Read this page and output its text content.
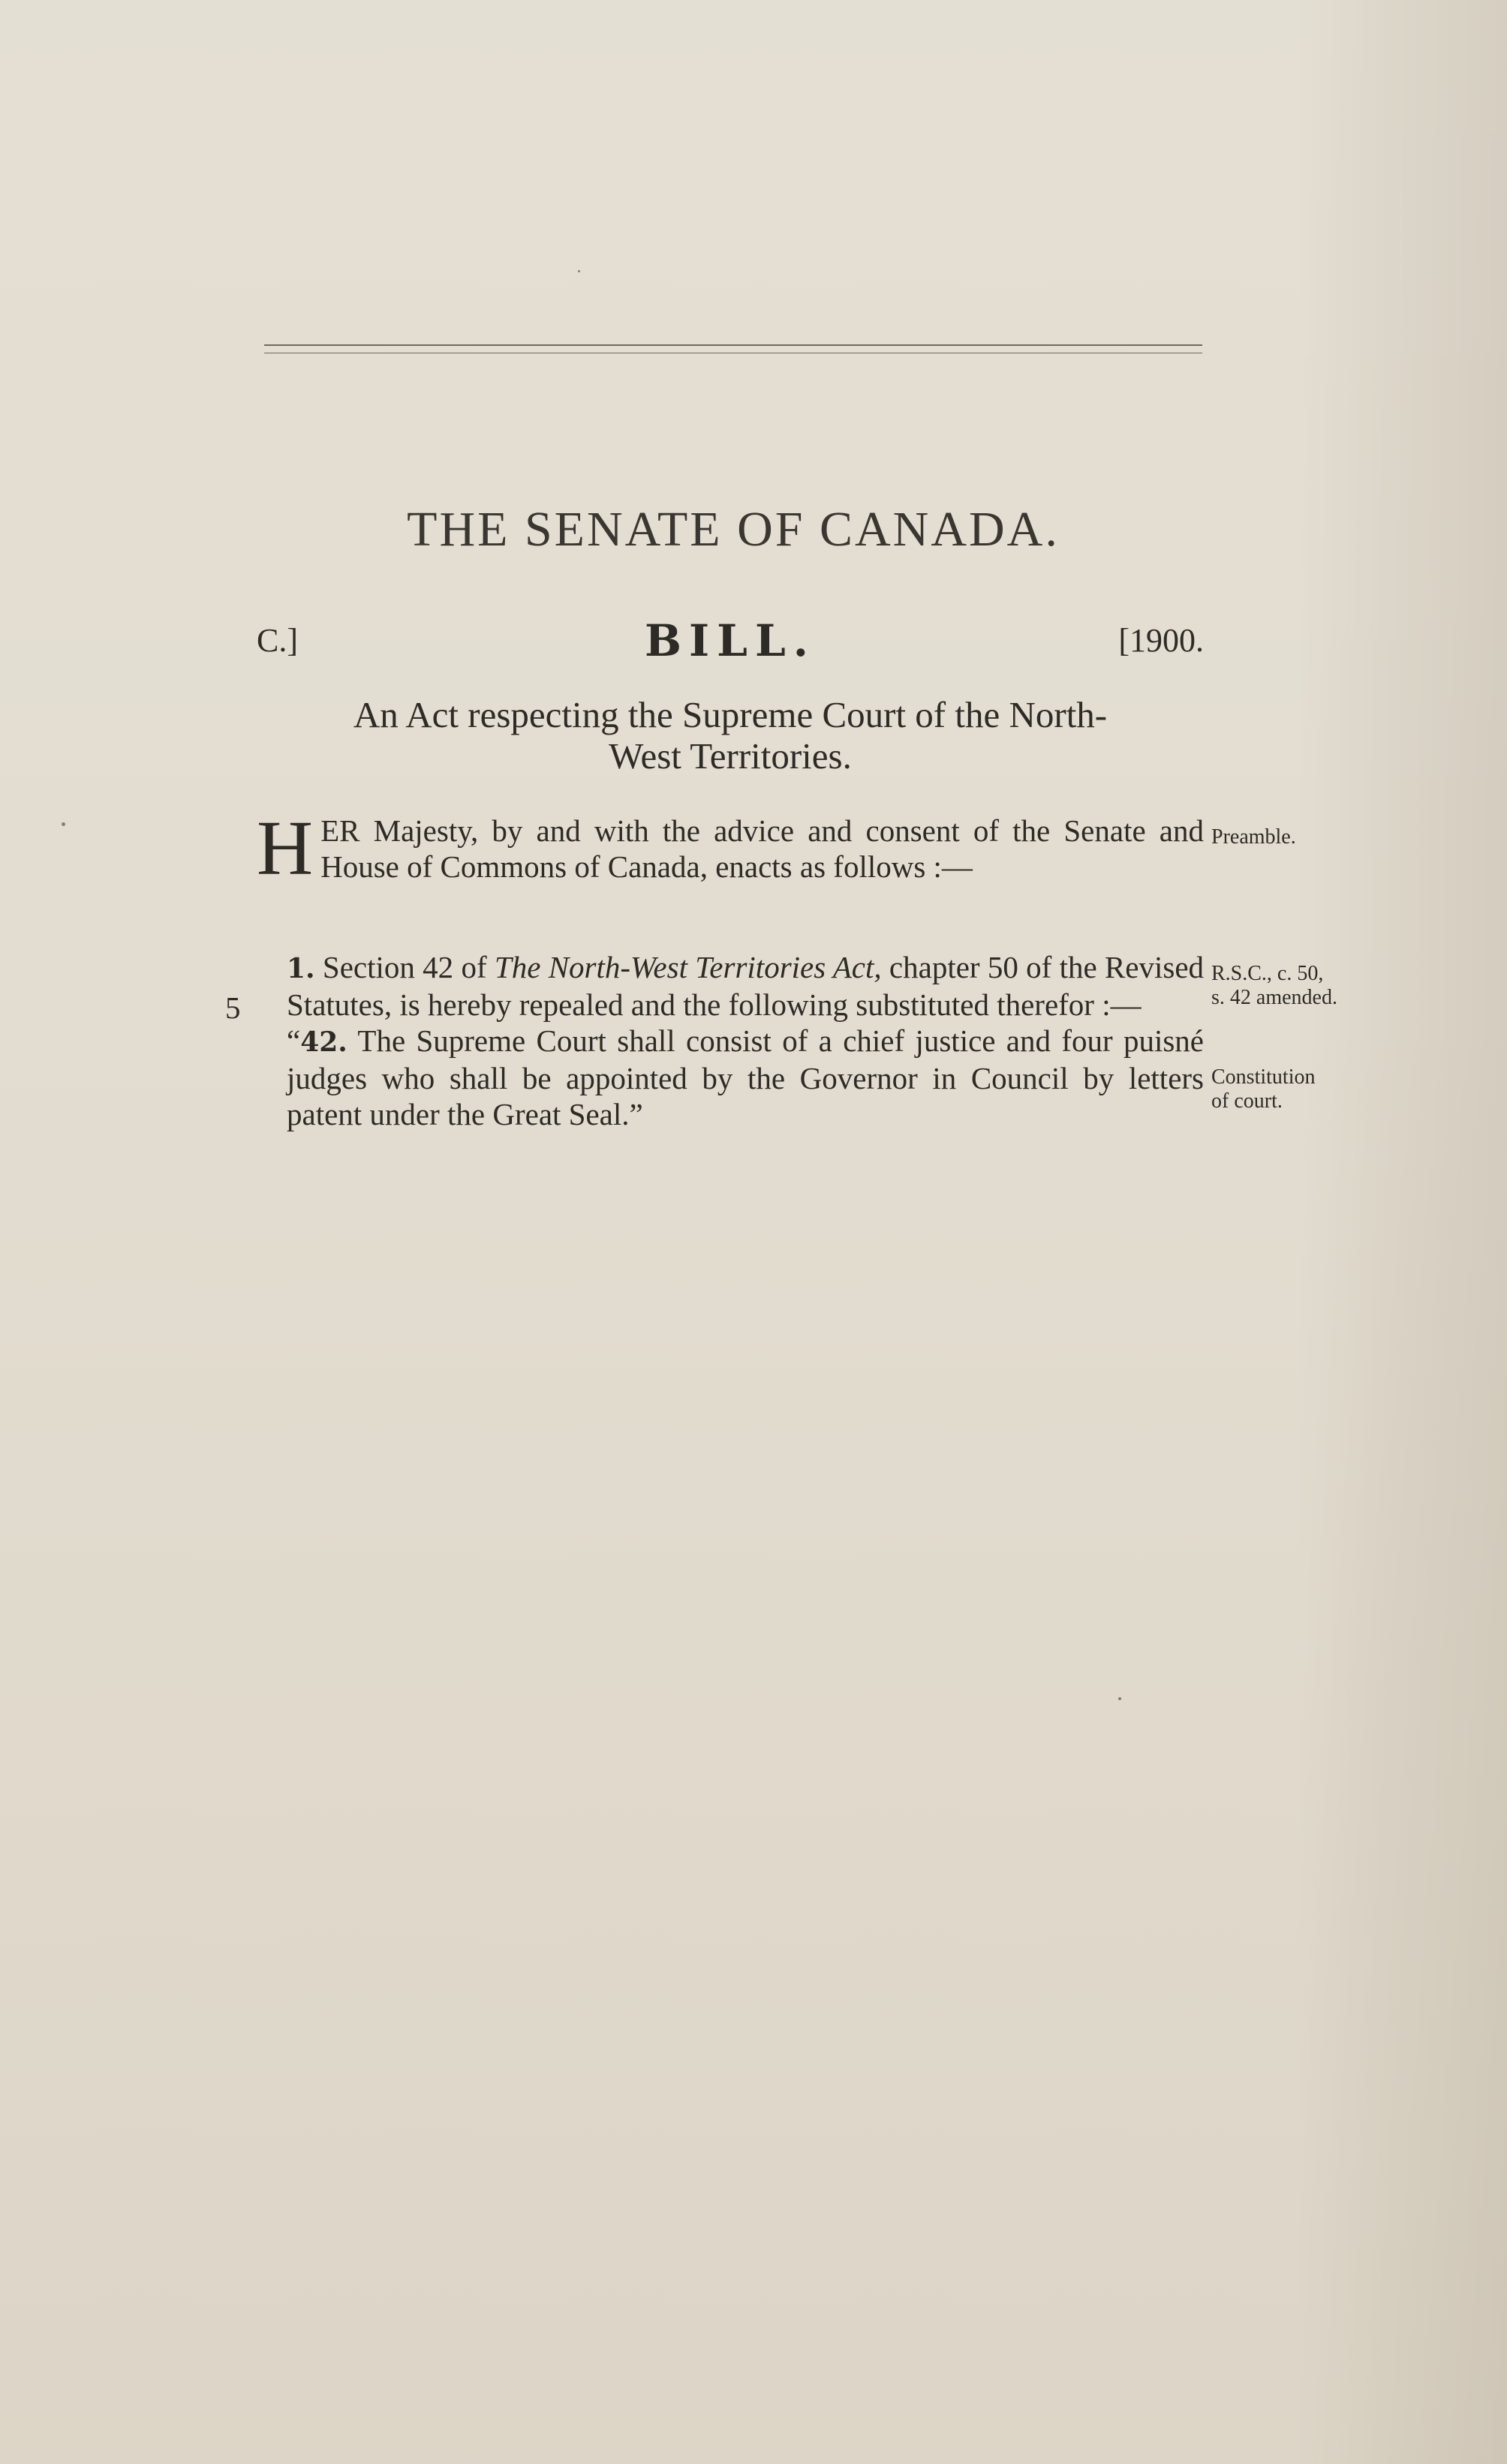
THE SENATE OF CANADA.
C.]	BILL.	[1900.
An Act respecting the Supreme Court of the North-
West Territories.
HER Majesty, by and with the advice and consent of the Senate and House of Commons of Canada, enacts as follows :—
1. Section 42 of The North-West Territories Act, chapter 50 of the Revised Statutes, is hereby repealed and the following substituted therefor :—
“42. The Supreme Court shall consist of a chief justice and four puisné judges who shall be appointed by the Governor in Council by letters patent under the Great Seal.”
5
Preamble.
R.S.C., c. 50,
s. 42 amended.
Constitution
of court.
